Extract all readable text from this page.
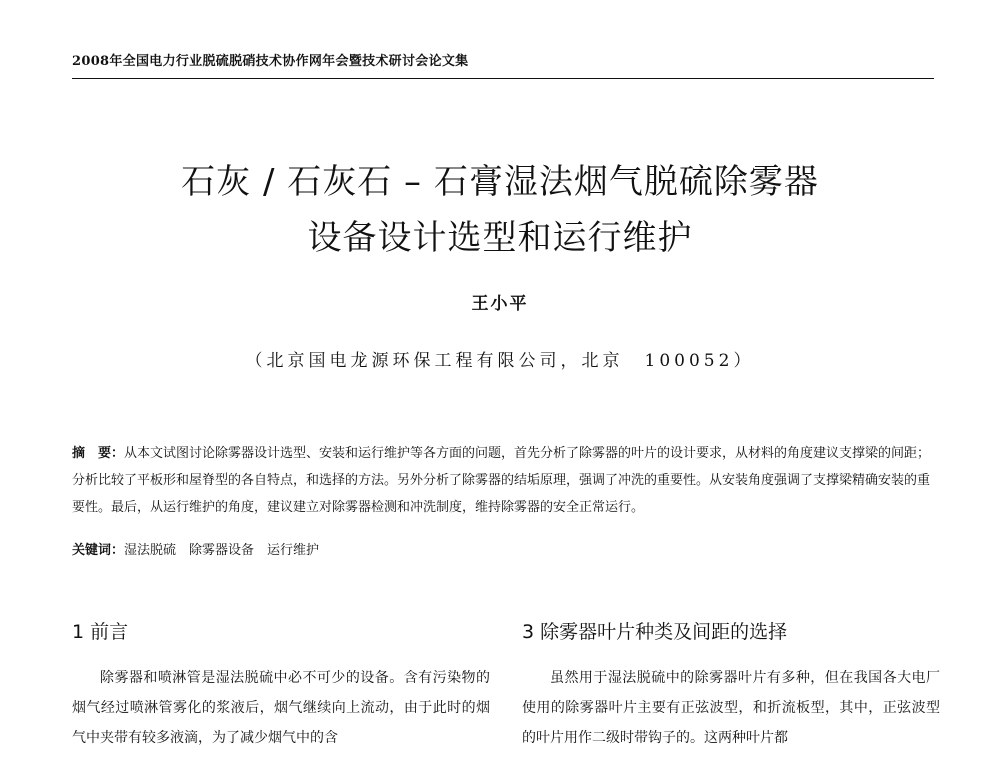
2008年全国电力行业脱硫脱硝技术协作网年会暨技术研讨会论文集
石灰 / 石灰石 – 石膏湿法烟气脱硫除雾器
设备设计选型和运行维护
王小平
（北京国电龙源环保工程有限公司，北京　100052）
摘　要：从本文试图讨论除雾器设计选型、安装和运行维护等各方面的问题，首先分析了除雾器的叶片的设计要求，从材料的角度建议支撑梁的间距；分析比较了平板形和屋脊型的各自特点，和选择的方法。另外分析了除雾器的结垢原理，强调了冲洗的重要性。从安装角度强调了支撑梁精确安装的重要性。最后，从运行维护的角度，建议建立对除雾器检测和冲洗制度，维持除雾器的安全正常运行。
关键词：湿法脱硫　除雾器设备　运行维护
1 前言	3 除雾器叶片种类及间距的选择
除雾器和喷淋管是湿法脱硫中必不可少的设备。含有污染物的烟气经过喷淋管雾化的浆液后，烟气继续向上流动，由于此时的烟气中夹带有较多液滴，为了减少烟气中的含
虽然用于湿法脱硫中的除雾器叶片有多种，但在我国各大电厂使用的除雾器叶片主要有正弦波型，和折流板型，其中，正弦波型的叶片用作二级时带钩子的。这两种叶片都
